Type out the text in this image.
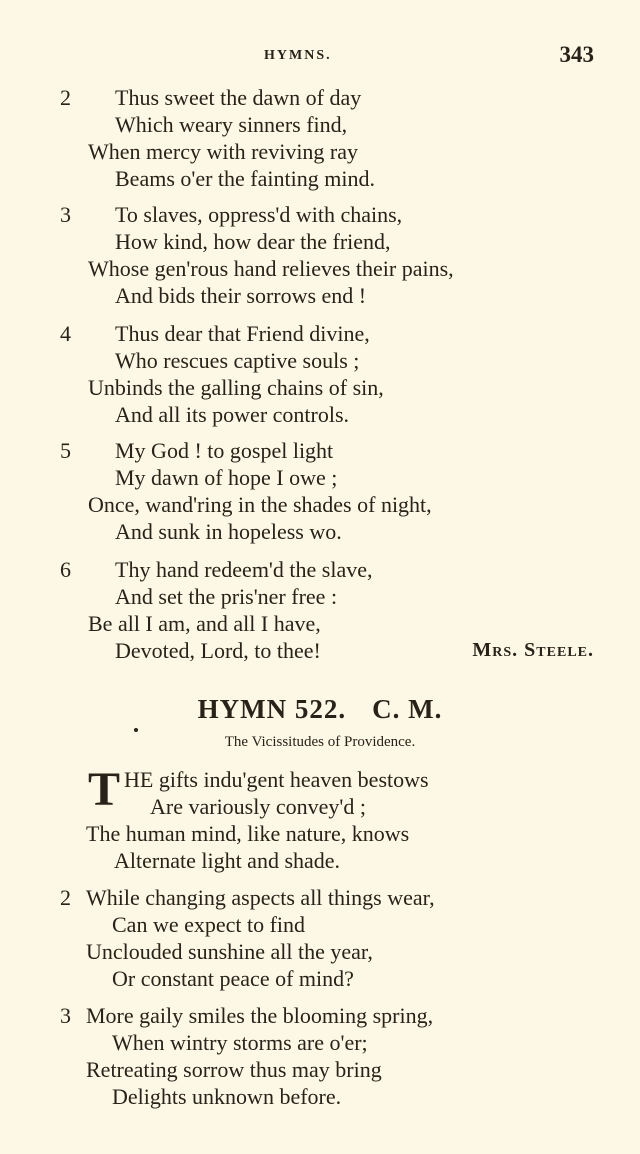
HYMNS.	343
2 Thus sweet the dawn of day
Which weary sinners find,
When mercy with reviving ray
Beams o'er the fainting mind.
3 To slaves, oppress'd with chains,
How kind, how dear the friend,
Whose gen'rous hand relieves their pains,
And bids their sorrows end !
4 Thus dear that Friend divine,
Who rescues captive souls ;
Unbinds the galling chains of sin,
And all its power controls.
5 My God ! to gospel light
My dawn of hope I owe ;
Once, wand'ring in the shades of night,
And sunk in hopeless wo.
6 Thy hand redeem'd the slave,
And set the pris'ner free :
Be all I am, and all I have,
Devoted, Lord, to thee!	Mrs. Steele.
HYMN 522. C. M.
The Vicissitudes of Providence.
T HE gifts indu'gent heaven bestows
Are variously convey'd ;
The human mind, like nature, knows
Alternate light and shade.
2 While changing aspects all things wear,
Can we expect to find
Unclouded sunshine all the year,
Or constant peace of mind?
3 More gaily smiles the blooming spring,
When wintry storms are o'er;
Retreating sorrow thus may bring
Delights unknown before.
